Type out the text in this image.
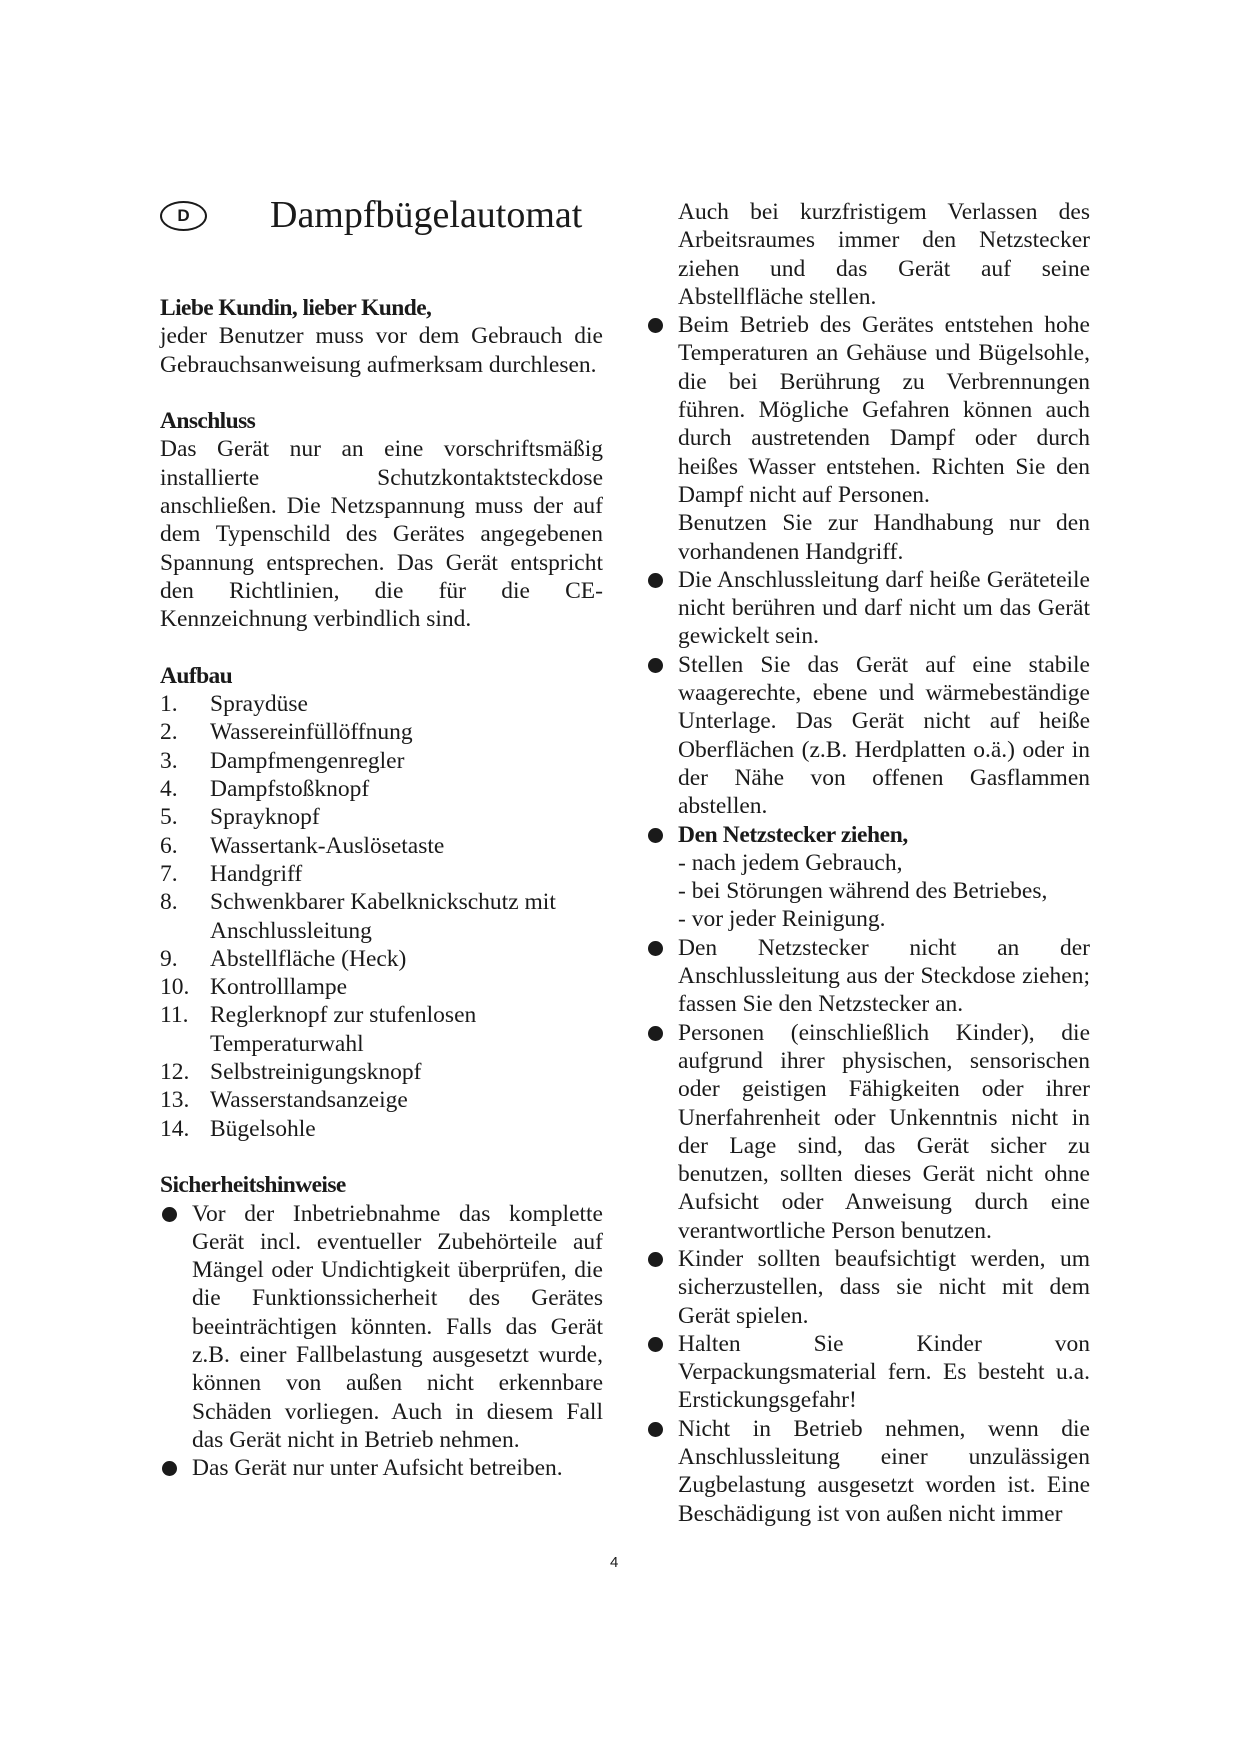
D	Dampfbügelautomat

Liebe Kundin, lieber Kunde,

jeder Benutzer muss vor dem Gebrauch die Gebrauchsanweisung aufmerksam durchlesen.

Anschluss

Das Gerät nur an eine vorschriftsmäßig installierte Schutzkontaktsteckdose anschließen. Die Netzspannung muss der auf dem Typenschild des Gerätes angegebenen Spannung entsprechen. Das Gerät entspricht den Richtlinien, die für die CE-Kennzeichnung verbindlich sind.

Aufbau

1.	Spraydüse
2.	Wassereinfüllöffnung
3.	Dampfmengenregler
4.	Dampfstoßknopf
5.	Sprayknopf
6.	Wassertank-Auslösetaste
7.	Handgriff
8.	Schwenkbarer Kabelknickschutz mit Anschlussleitung
9.	Abstellfläche (Heck)
10. Kontrolllampe
11. Reglerknopf zur stufenlosen Temperaturwahl
12. Selbstreinigungsknopf
13. Wasserstandsanzeige
14. Bügelsohle

Sicherheitshinweise

Vor der Inbetriebnahme das komplette Gerät incl. eventueller Zubehörteile auf Mängel oder Undichtigkeit überprüfen, die die Funktionssicherheit des Gerätes beeinträchtigen könnten. Falls das Gerät z.B. einer Fallbelastung ausgesetzt wurde, können von außen nicht erkennbare Schäden vorliegen. Auch in diesem Fall das Gerät nicht in Betrieb nehmen.
Das Gerät nur unter Aufsicht betreiben.

Auch bei kurzfristigem Verlassen des Arbeitsraumes immer den Netzstecker ziehen und das Gerät auf seine Abstellfläche stellen.

Beim Betrieb des Gerätes entstehen hohe Temperaturen an Gehäuse und Bügelsohle, die bei Berührung zu Verbrennungen führen. Mögliche Gefahren können auch durch austretenden Dampf oder durch heißes Wasser entstehen. Richten Sie den Dampf nicht auf Personen.
Benutzen Sie zur Handhabung nur den vorhandenen Handgriff.
Die Anschlussleitung darf heiße Geräteteile nicht berühren und darf nicht um das Gerät gewickelt sein.
Stellen Sie das Gerät auf eine stabile waagerechte, ebene und wärmebeständige Unterlage. Das Gerät nicht auf heiße Oberflächen (z.B. Herdplatten o.ä.) oder in der Nähe von offenen Gasflammen abstellen.
Den Netzstecker ziehen,
- nach jedem Gebrauch,
- bei Störungen während des Betriebes,
- vor jeder Reinigung.
Den Netzstecker nicht an der Anschlussleitung aus der Steckdose ziehen; fassen Sie den Netzstecker an.
Personen (einschließlich Kinder), die aufgrund ihrer physischen, sensorischen oder geistigen Fähigkeiten oder ihrer Unerfahrenheit oder Unkenntnis nicht in der Lage sind, das Gerät sicher zu benutzen, sollten dieses Gerät nicht ohne Aufsicht oder Anweisung durch eine verantwortliche Person benutzen.
Kinder sollten beaufsichtigt werden, um sicherzustellen, dass sie nicht mit dem Gerät spielen.
Halten Sie Kinder von Verpackungsmaterial fern. Es besteht u.a. Erstickungsgefahr!
Nicht in Betrieb nehmen, wenn die Anschlussleitung einer unzulässigen Zugbelastung ausgesetzt worden ist. Eine Beschädigung ist von außen nicht immer
4
